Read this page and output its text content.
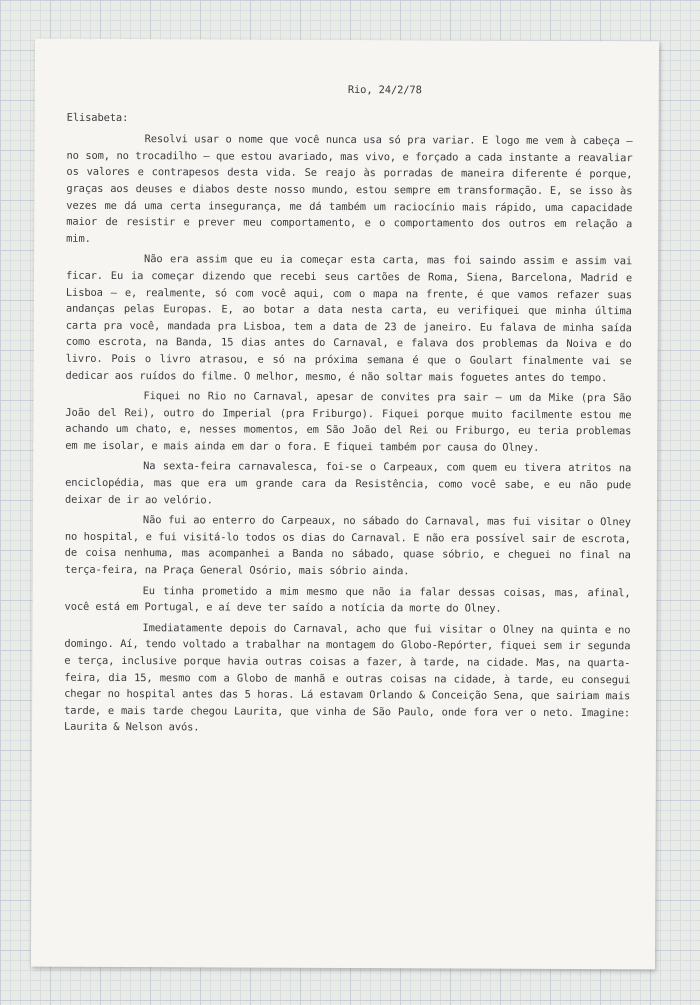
Rio, 24/2/78
Elisabeta:

Resolvi usar o nome que você nunca usa só pra variar. E logo me vem à cabeça — no som, no trocadilho — que estou avariado, mas vivo, e forçado a cada instante a reavaliar os valores e contrapesos desta vida. Se reajo às porradas de maneira diferente é porque, graças aos deuses e diabos deste nosso mundo, estou sempre em transformação. E, se isso às vezes me dá uma certa insegurança, me dá também um raciocínio mais rápido, uma capacidade maior de resistir e prever meu comportamento, e o comportamento dos outros em relação a mim.

Não era assim que eu ia começar esta carta, mas foi saindo assim e assim vai ficar. Eu ia começar dizendo que recebi seus cartões de Roma, Siena, Barcelona, Madrid e Lisboa — e, realmente, só com você aqui, com o mapa na frente, é que vamos refazer suas andanças pelas Europas. E, ao botar a data nesta carta, eu verifiquei que minha última carta pra você, mandada pra Lisboa, tem a data de 23 de janeiro. Eu falava de minha saída como escrota, na Banda, 15 dias antes do Carnaval, e falava dos problemas da Noiva e do livro. Pois o livro atrasou, e só na próxima semana é que o Goulart finalmente vai se dedicar aos ruídos do filme. O melhor, mesmo, é não soltar mais foguetes antes do tempo.

Fiquei no Rio no Carnaval, apesar de convites pra sair — um da Mike (pra São João del Rei), outro do Imperial (pra Friburgo). Fiquei porque muito facilmente estou me achando um chato, e, nesses momentos, em São João del Rei ou Friburgo, eu teria problemas em me isolar, e mais ainda em dar o fora. E fiquei também por causa do Olney.

Na sexta-feira carnavalesca, foi-se o Carpeaux, com quem eu tivera atritos na enciclopédia, mas que era um grande cara da Resistência, como você sabe, e eu não pude deixar de ir ao velório.

Não fui ao enterro do Carpeaux, no sábado do Carnaval, mas fui visitar o Olney no hospital, e fui visitá-lo todos os dias do Carnaval. E não era possível sair de escrota, de coisa nenhuma, mas acompanhei a Banda no sábado, quase sóbrio, e cheguei no final na terça-feira, na Praça General Osório, mais sóbrio ainda.

Eu tinha prometido a mim mesmo que não ia falar dessas coisas, mas, afinal, você está em Portugal, e aí deve ter saído a notícia da morte do Olney.

Imediatamente depois do Carnaval, acho que fui visitar o Olney na quinta e no domingo. Aí, tendo voltado a trabalhar na montagem do Globo-Repórter, fiquei sem ir segunda e terça, inclusive porque havia outras coisas a fazer, à tarde, na cidade. Mas, na quarta-feira, dia 15, mesmo com a Globo de manhã e outras coisas na cidade, à tarde, eu consegui chegar no hospital antes das 5 horas. Lá estavam Orlando & Conceição Sena, que sairiam mais tarde, e mais tarde chegou Laurita, que vinha de São Paulo, onde fora ver o neto. Imagine: Laurita & Nelson avós.
